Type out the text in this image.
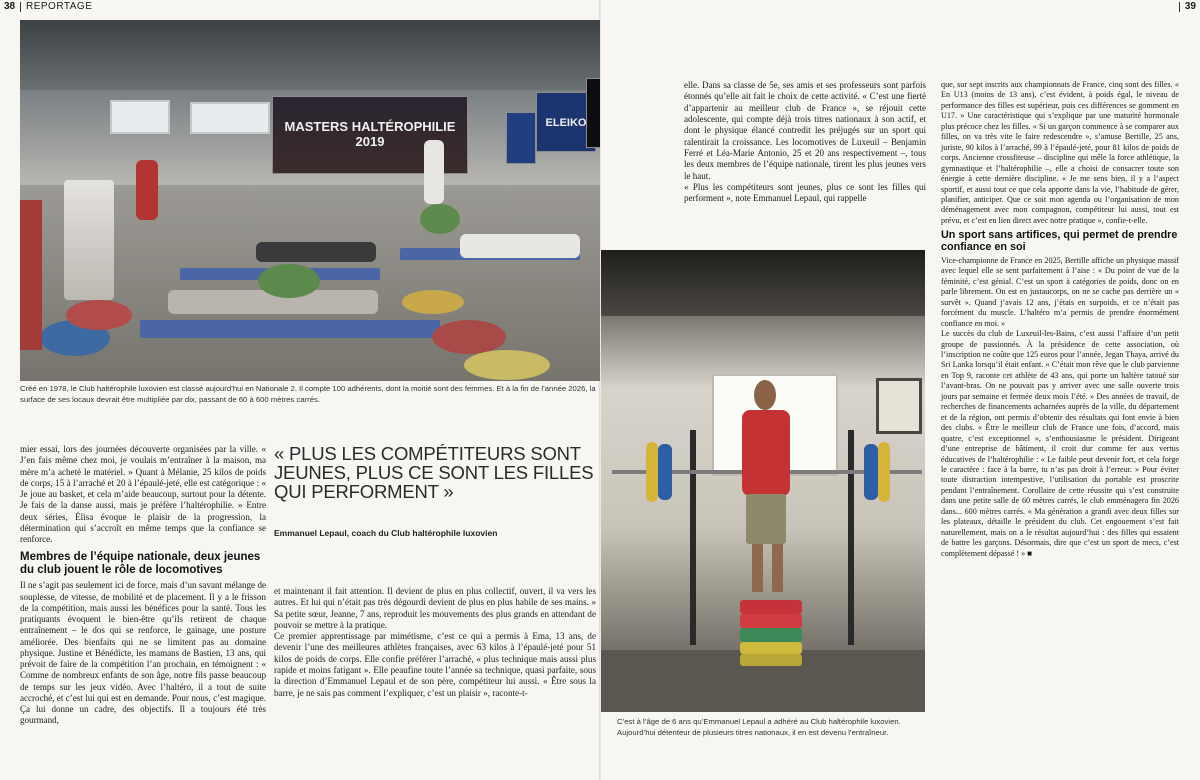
38 REPORTAGE	39
MASTERS HALTÉROPHILIE 2019
ELEIKO
Créé en 1978, le Club haltérophile luxovien est classé aujourd’hui en Nationale 2. Il compte 100 adhérents, dont la moitié sont des femmes. Et à la fin de l’année 2026, la surface de ses locaux devrait être multipliée par dix, passant de 60 à 600 mètres carrés.
C’est à l’âge de 6 ans qu’Emmanuel Lepaul a adhéré au Club haltérophile luxovien. Aujourd’hui détenteur de plusieurs titres nationaux, il en est devenu l’entraîneur.
« PLUS LES COMPÉTITEURS SONT JEUNES, PLUS CE SONT LES FILLES QUI PERFORMENT »
Emmanuel Lepaul, coach du Club haltérophile luxovien

mier essai, lors des journées découverte organisées par la ville. « J’en fais même chez moi, je voulais m’entraîner à la maison, ma mère m’a acheté le matériel. » Quant à Mélanie, 25 kilos de poids de corps, 15 à l’arraché et 20 à l’épaulé-jeté, elle est catégorique : « Je joue au basket, et cela m’aide beaucoup, surtout pour la détente. Je fais de la danse aussi, mais je préfère l’haltérophilie. » Entre deux séries, Élisa évoque le plaisir de la progression, la détermination qui s’accroît en même temps que la confiance se renforce.

Membres de l’équipe nationale, deux jeunes du club jouent le rôle de locomotives

Il ne s’agit pas seulement ici de force, mais d’un savant mélange de souplesse, de vitesse, de mobilité et de placement. Il y a le frisson de la compétition, mais aussi les bénéfices pour la santé. Tous les pratiquants évoquent le bien-être qu’ils retirent de chaque entraînement – le dos qui se renforce, le gainage, une posture améliorée. Des bienfaits qui ne se limitent pas au domaine physique. Justine et Bénédicte, les mamans de Bastien, 13 ans, qui prévoit de faire de la compétition l’an prochain, en témoignent : « Comme de nombreux enfants de son âge, notre fils passe beaucoup de temps sur les jeux vidéo. Avec l’haltéro, il a tout de suite accroché, et c’est lui qui est en demande. Pour nous, c’est magique. Ça lui donne un cadre, des objectifs. Il a toujours été très gourmand,

et maintenant il fait attention. Il devient de plus en plus collectif, ouvert, il va vers les autres. Et lui qui n’était pas très dégourdi devient de plus en plus habile de ses mains. » Sa petite sœur, Jeanne, 7 ans, reproduit les mouvements des plus grands en attendant de pouvoir se mettre à la pratique.

Ce premier apprentissage par mimétisme, c’est ce qui a permis à Ema, 13 ans, de devenir l’une des meilleures athlètes françaises, avec 63 kilos à l’épaulé-jeté pour 51 kilos de poids de corps. Elle confie préférer l’arraché, « plus technique mais aussi plus rapide et moins fatigant ». Elle peaufine toute l’année sa technique, quasi parfaite, sous la direction d’Emmanuel Lepaul et de son père, compétiteur lui aussi. « Être sous la barre, je ne sais pas comment l’expliquer, c’est un plaisir », raconte-t-

elle. Dans sa classe de 5e, ses amis et ses professeurs sont parfois étonnés qu’elle ait fait le choix de cette activité. « C’est une fierté d’appartenir au meilleur club de France », se réjouit cette adolescente, qui compte déjà trois titres nationaux à son actif, et dont le physique élancé contredit les préjugés sur un sport qui ralentirait la croissance. Les locomotives de Luxeuil – Benjamin Ferré et Léa-Marie Antonio, 25 et 20 ans respectivement –, tous les deux membres de l’équipe nationale, tirent les plus jeunes vers le haut.

« Plus les compétiteurs sont jeunes, plus ce sont les filles qui performent », note Emmanuel Lepaul, qui rappelle

que, sur sept inscrits aux championnats de France, cinq sont des filles. « En U13 (moins de 13 ans), c’est évident, à poids égal, le niveau de performance des filles est supérieur, puis ces différences se gomment en U17. » Une caractéristique qui s’explique par une maturité hormonale plus précoce chez les filles. « Si un garçon commence à se comparer aux filles, on va très vite le faire redescendre », s’amuse Bertille, 25 ans, juriste, 90 kilos à l’arraché, 99 à l’épaulé-jeté, pour 81 kilos de poids de corps. Ancienne crossfiteuse – discipline qui mêle la force athlétique, la gymnastique et l’haltérophilie –, elle a choisi de consacrer toute son énergie à cette dernière discipline. « Je me sens bien, il y a l’aspect sportif, et aussi tout ce que cela apporte dans la vie, l’habitude de gérer, planifier, anticiper. Que ce soit mon agenda ou l’organisation de mon déménagement avec mon compagnon, compétiteur lui aussi, tout est prévu, et c’est en lien direct avec notre pratique », confie-t-elle.

Un sport sans artifices, qui permet de prendre confiance en soi

Vice-championne de France en 2025, Bertille affiche un physique massif avec lequel elle se sent parfaitement à l’aise : « Du point de vue de la féminité, c’est génial. C’est un sport à catégories de poids, donc on en parle librement. On est en justaucorps, on ne se cache pas derrière un « survêt ». Quand j’avais 12 ans, j’étais en surpoids, et ce n’était pas forcément du muscle. L’haltéro m’a permis de prendre énormément confiance en moi. »

Le succès du club de Luxeuil-les-Bains, c’est aussi l’affaire d’un petit groupe de passionnés. À la présidence de cette association, où l’inscription ne coûte que 125 euros pour l’année, Jegan Thaya, arrivé du Sri Lanka lorsqu’il était enfant. « C’était mon rêve que le club parvienne en Top 9, raconte cet athlète de 43 ans, qui porte un haltère tatoué sur l’avant-bras. On ne pouvait pas y arriver avec une salle ouverte trois jours par semaine et fermée deux mois l’été. » Des années de travail, de recherches de financements acharnées auprès de la ville, du département et de la région, ont permis d’obtenir des résultats qui font envie à bien des clubs. « Être le meilleur club de France une fois, d’accord, mais quatre, c’est exceptionnel », s’enthousiasme le président. Dirigeant d’une entreprise de bâtiment, il croit dur comme fer aux vertus éducatives de l’haltérophilie : « Le faible peut devenir fort, et cela forge le caractère : face à la barre, tu n’as pas droit à l’erreur. » Pour éviter toute distraction intempestive, l’utilisation du portable est proscrite pendant l’entraînement. Corollaire de cette réussite qui s’est construite dans une petite salle de 60 mètres carrés, le club emménagera fin 2026 dans... 600 mètres carrés. « Ma génération a grandi avec deux filles sur les plateaux, détaille le président du club. Cet engouement s’est fait naturellement, mais on a le résultat aujourd’hui : des filles qui essaient de battre les garçons. Désormais, dire que c’est un sport de mecs, c’est complètement dépassé ! » ■
